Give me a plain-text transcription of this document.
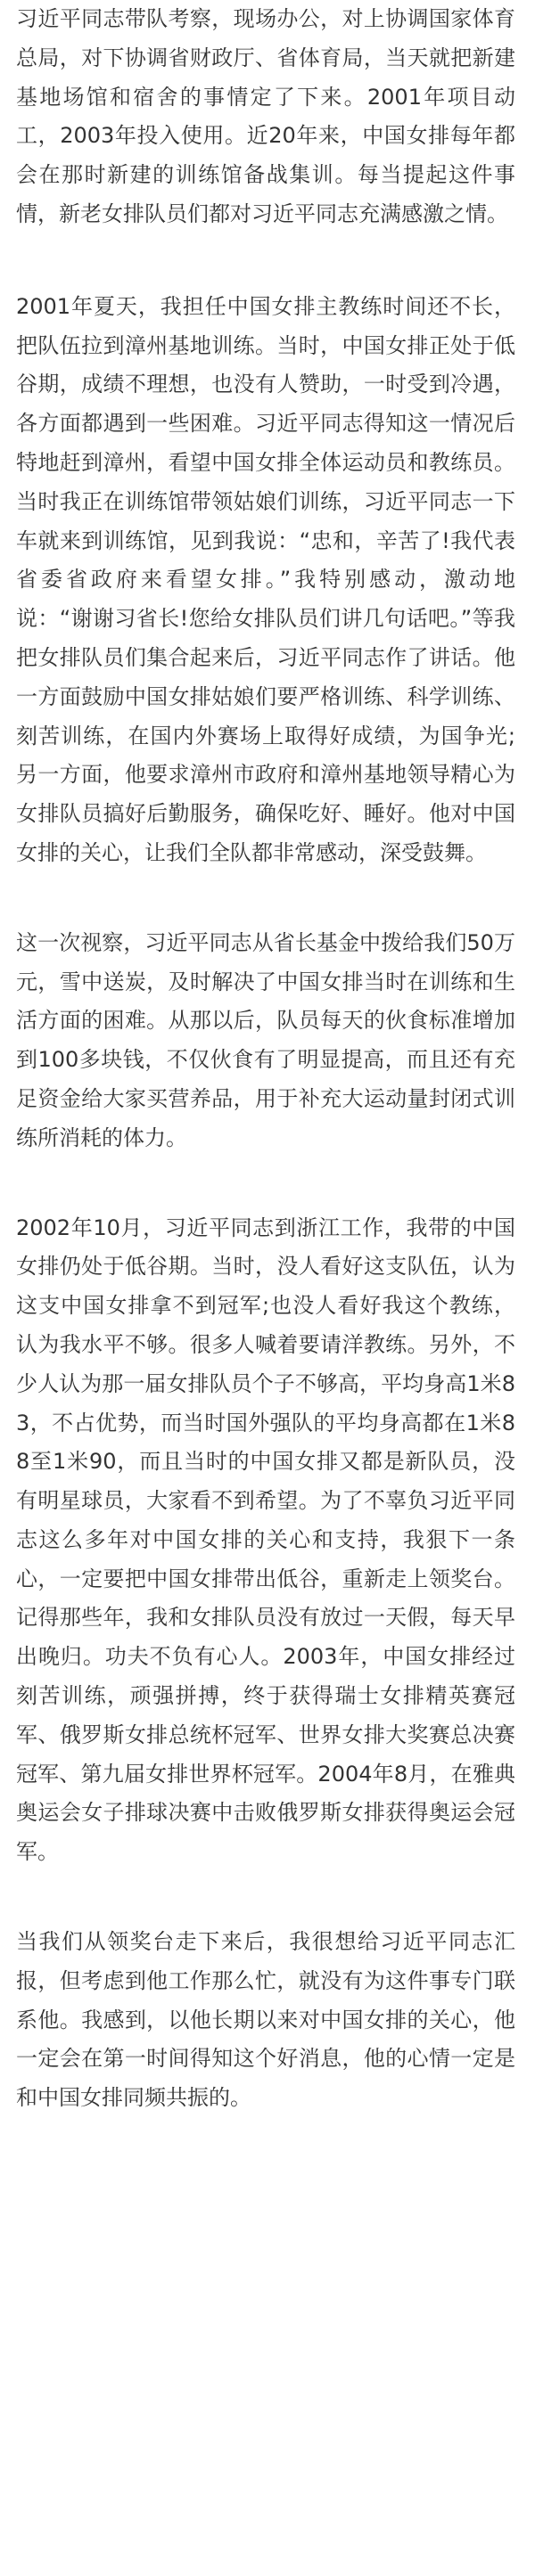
习近平同志带队考察，现场办公，对上协调国家体育总局，对下协调省财政厅、省体育局，当天就把新建基地场馆和宿舍的事情定了下来。2001年项目动工，2003年投入使用。近20年来，中国女排每年都会在那时新建的训练馆备战集训。每当提起这件事情，新老女排队员们都对习近平同志充满感激之情。

2001年夏天，我担任中国女排主教练时间还不长，把队伍拉到漳州基地训练。当时，中国女排正处于低谷期，成绩不理想，也没有人赞助，一时受到冷遇，各方面都遇到一些困难。习近平同志得知这一情况后特地赶到漳州，看望中国女排全体运动员和教练员。当时我正在训练馆带领姑娘们训练，习近平同志一下车就来到训练馆，见到我说：“忠和，辛苦了!我代表省委省政府来看望女排。”我特别感动，激动地说：“谢谢习省长!您给女排队员们讲几句话吧。”等我把女排队员们集合起来后，习近平同志作了讲话。他一方面鼓励中国女排姑娘们要严格训练、科学训练、刻苦训练，在国内外赛场上取得好成绩，为国争光;另一方面，他要求漳州市政府和漳州基地领导精心为女排队员搞好后勤服务，确保吃好、睡好。他对中国女排的关心，让我们全队都非常感动，深受鼓舞。

这一次视察，习近平同志从省长基金中拨给我们50万元，雪中送炭，及时解决了中国女排当时在训练和生活方面的困难。从那以后，队员每天的伙食标准增加到100多块钱，不仅伙食有了明显提高，而且还有充足资金给大家买营养品，用于补充大运动量封闭式训练所消耗的体力。

2002年10月，习近平同志到浙江工作，我带的中国女排仍处于低谷期。当时，没人看好这支队伍，认为这支中国女排拿不到冠军;也没人看好我这个教练，认为我水平不够。很多人喊着要请洋教练。另外，不少人认为那一届女排队员个子不够高，平均身高1米83，不占优势，而当时国外强队的平均身高都在1米88至1米90，而且当时的中国女排又都是新队员，没有明星球员，大家看不到希望。为了不辜负习近平同志这么多年对中国女排的关心和支持，我狠下一条心，一定要把中国女排带出低谷，重新走上领奖台。记得那些年，我和女排队员没有放过一天假，每天早出晚归。功夫不负有心人。2003年，中国女排经过刻苦训练，顽强拼搏，终于获得瑞士女排精英赛冠军、俄罗斯女排总统杯冠军、世界女排大奖赛总决赛冠军、第九届女排世界杯冠军。2004年8月，在雅典奥运会女子排球决赛中击败俄罗斯女排获得奥运会冠军。

当我们从领奖台走下来后，我很想给习近平同志汇报，但考虑到他工作那么忙，就没有为这件事专门联系他。我感到，以他长期以来对中国女排的关心，他一定会在第一时间得知这个好消息，他的心情一定是和中国女排同频共振的。
